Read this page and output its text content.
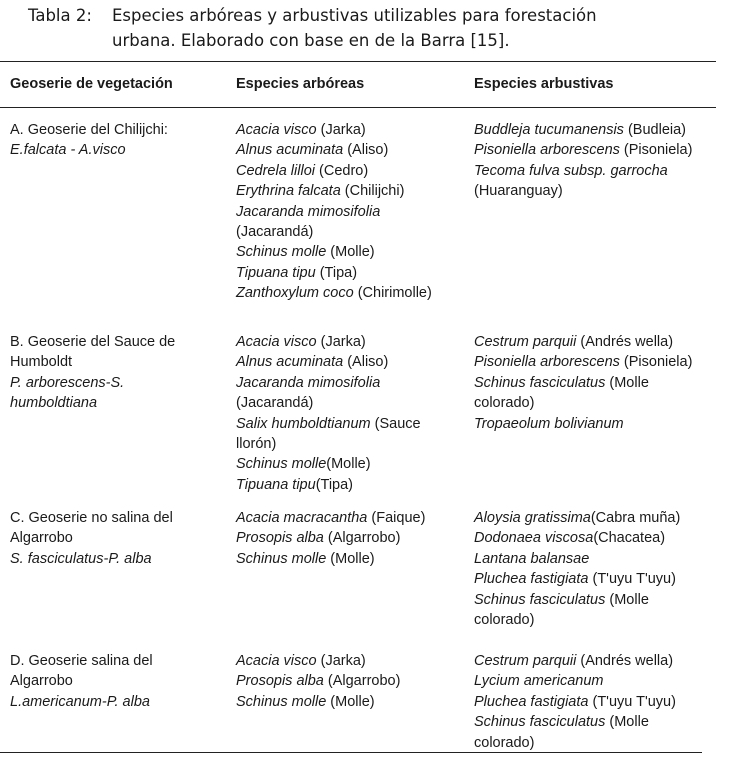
Tabla 2: Especies arbóreas y arbustivas utilizables para forestación
urbana. Elaborado con base en de la Barra [15].
Geoserie de vegetación	Especies arbóreas	Especies arbustivas
A. Geoserie del Chilijchi:
E.falcata - A.visco
Acacia visco (Jarka)
Alnus acuminata (Aliso)
Cedrela lilloi (Cedro)
Erythrina falcata (Chilijchi)
Jacaranda mimosifolia
(Jacarandá)
Schinus molle (Molle)
Tipuana tipu (Tipa)
Zanthoxylum coco (Chirimolle)
Buddleja tucumanensis (Budleia)
Pisoniella arborescens (Pisoniela)
Tecoma fulva subsp. garrocha
(Huaranguay)
B. Geoserie del Sauce de
Humboldt
P. arborescens-S.
humboldtiana
Acacia visco (Jarka)
Alnus acuminata (Aliso)
Jacaranda mimosifolia
(Jacarandá)
Salix humboldtianum (Sauce
llorón)
Schinus molle(Molle)
Tipuana tipu(Tipa)
Cestrum parquii (Andrés wella)
Pisoniella arborescens (Pisoniela)
Schinus fasciculatus (Molle
colorado)
Tropaeolum bolivianum
C. Geoserie no salina del
Algarrobo
S. fasciculatus-P. alba
Acacia macracantha (Faique)
Prosopis alba (Algarrobo)
Schinus molle (Molle)
Aloysia gratissima(Cabra muña)
Dodonaea viscosa(Chacatea)
Lantana balansae
Pluchea fastigiata (T'uyu T'uyu)
Schinus fasciculatus (Molle
colorado)
D. Geoserie salina del
Algarrobo
L.americanum-P. alba
Acacia visco (Jarka)
Prosopis alba (Algarrobo)
Schinus molle (Molle)
Cestrum parquii (Andrés wella)
Lycium americanum
Pluchea fastigiata (T'uyu T'uyu)
Schinus fasciculatus (Molle
colorado)
